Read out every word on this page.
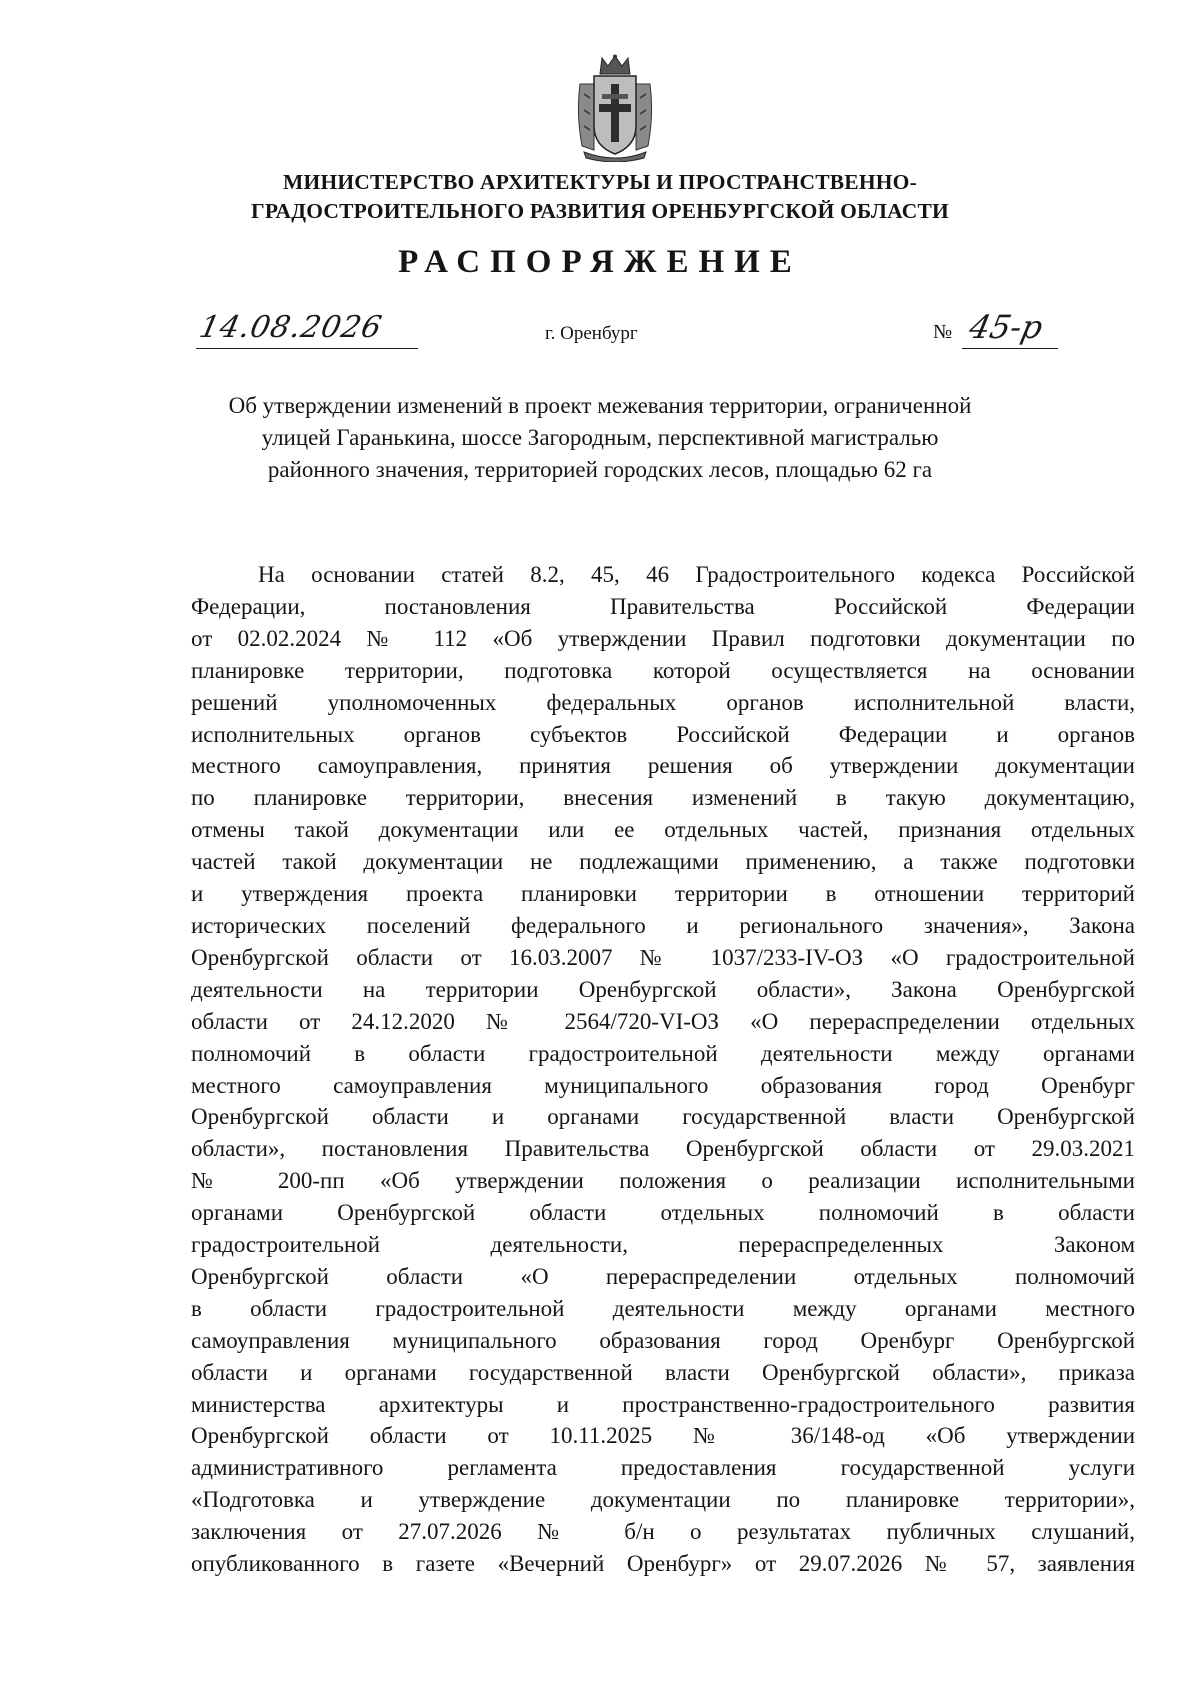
МИНИСТЕРСТВО АРХИТЕКТУРЫ И ПРОСТРАНСТВЕННО-
ГРАДОСТРОИТЕЛЬНОГО РАЗВИТИЯ ОРЕНБУРГСКОЙ ОБЛАСТИ
РАСПОРЯЖЕНИЕ
14.08.2026	г. Оренбург	№ 45-р
Об утверждении изменений в проект межевания территории, ограниченной
улицей Гаранькина, шоссе Загородным, перспективной магистралью
районного значения, территорией городских лесов, площадью 62 га
На основании статей 8.2, 45, 46 Градостроительного кодекса Российской
Федерации, постановления Правительства Российской Федерации
от 02.02.2024 № 112 «Об утверждении Правил подготовки документации по
планировке территории, подготовка которой осуществляется на основании
решений уполномоченных федеральных органов исполнительной власти,
исполнительных органов субъектов Российской Федерации и органов
местного самоуправления, принятия решения об утверждении документации
по планировке территории, внесения изменений в такую документацию,
отмены такой документации или ее отдельных частей, признания отдельных
частей такой документации не подлежащими применению, а также подготовки
и утверждения проекта планировки территории в отношении территорий
исторических поселений федерального и регионального значения», Закона
Оренбургской области от 16.03.2007 № 1037/233-IV-ОЗ «О градостроительной
деятельности на территории Оренбургской области», Закона Оренбургской
области от 24.12.2020 № 2564/720-VI-ОЗ «О перераспределении отдельных
полномочий в области градостроительной деятельности между органами
местного самоуправления муниципального образования город Оренбург
Оренбургской области и органами государственной власти Оренбургской
области», постановления Правительства Оренбургской области от 29.03.2021
№ 200-пп «Об утверждении положения о реализации исполнительными
органами Оренбургской области отдельных полномочий в области
градостроительной деятельности, перераспределенных Законом
Оренбургской области «О перераспределении отдельных полномочий
в области градостроительной деятельности между органами местного
самоуправления муниципального образования город Оренбург Оренбургской
области и органами государственной власти Оренбургской области», приказа
министерства архитектуры и пространственно-градостроительного развития
Оренбургской области от 10.11.2025 № 36/148-од «Об утверждении
административного регламента предоставления государственной услуги
«Подготовка и утверждение документации по планировке территории»,
заключения от 27.07.2026 № б/н о результатах публичных слушаний,
опубликованного в газете «Вечерний Оренбург» от 29.07.2026 № 57, заявления
